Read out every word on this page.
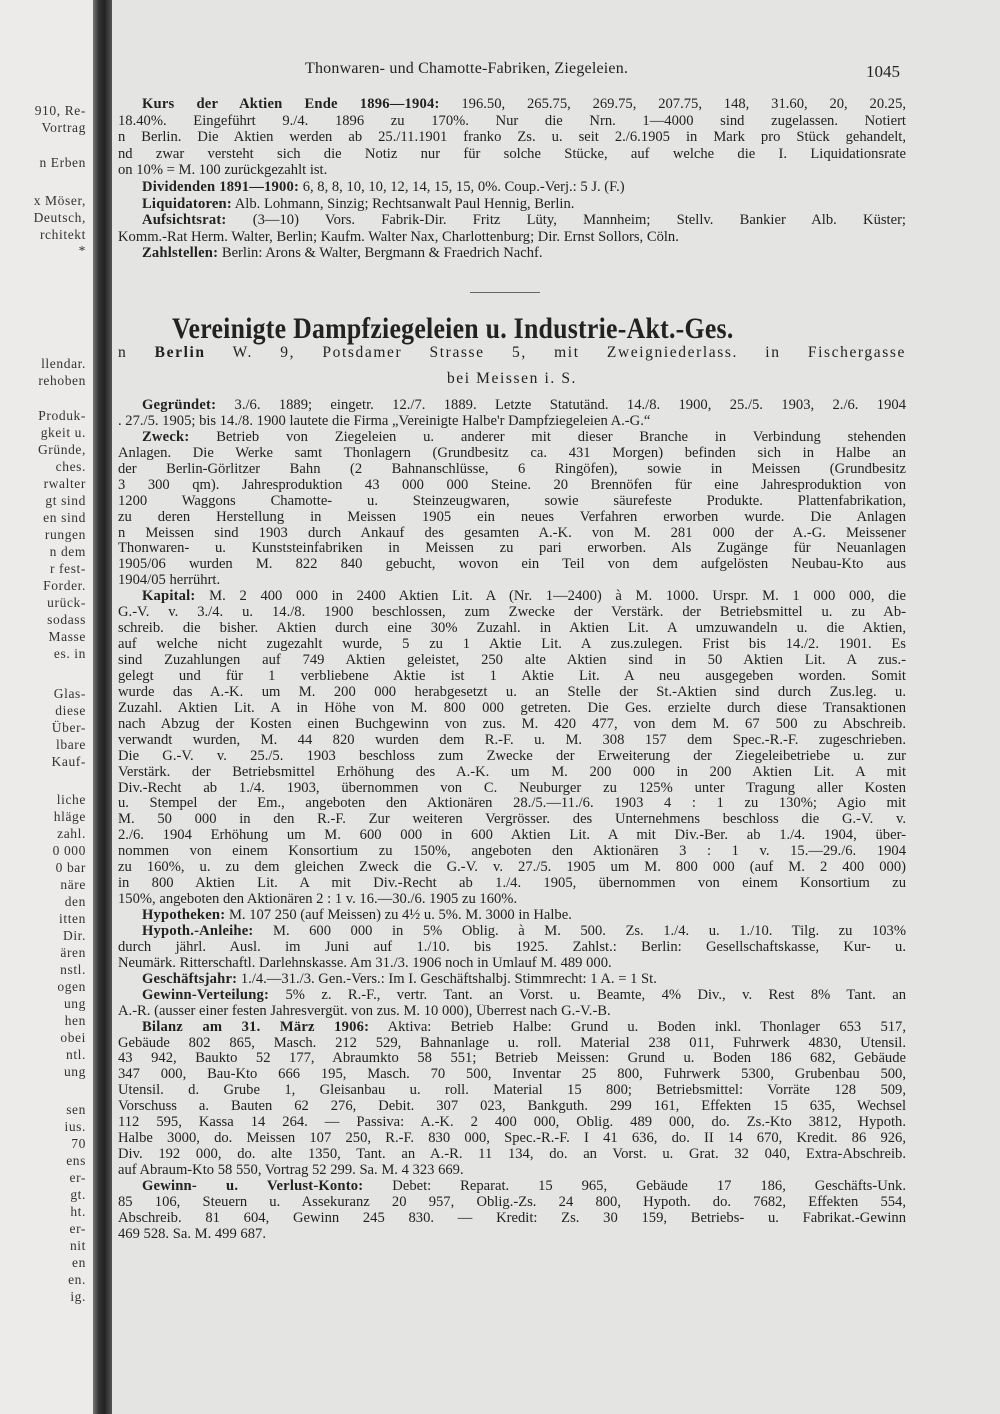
910, Re-
Vortrag
n Erben
x Möser,
Deutsch,
rchitekt
*
llendar.
rehoben
Produk-
gkeit u.
Gründe,
ches.
rwalter
gt sind
en sind
rungen
n dem
r fest-
Forder.
urück-
sodass
Masse
es. in
Glas-
diese
Über-
lbare
Kauf-
liche
hläge
zahl.
0 000
0 bar
näre
den
itten
Dir.
ären
nstl.
ogen
ung
hen
obei
ntl.
ung
sen
ius.
70
ens
er-
gt.
ht.
er-
nit
en
en.
ig.
Thonwaren- und Chamotte-Fabriken, Ziegeleien.	1045
Kurs der Aktien Ende 1896—1904: 196.50, 265.75, 269.75, 207.75, 148, 31.60, 20, 20.25,
18.40%. Eingeführt 9./4. 1896 zu 170%. Nur die Nrn. 1—4000 sind zugelassen. Notiert
n Berlin. Die Aktien werden ab 25./11.1901 franko Zs. u. seit 2./6.1905 in Mark pro Stück gehandelt,
nd zwar versteht sich die Notiz nur für solche Stücke, auf welche die I. Liquidationsrate
on 10% = M. 100 zurückgezahlt ist.
Dividenden 1891—1900: 6, 8, 8, 10, 10, 12, 14, 15, 15, 0%. Coup.-Verj.: 5 J. (F.)
Liquidatoren: Alb. Lohmann, Sinzig; Rechtsanwalt Paul Hennig, Berlin.
Aufsichtsrat: (3—10) Vors. Fabrik-Dir. Fritz Lüty, Mannheim; Stellv. Bankier Alb. Küster;
Komm.-Rat Herm. Walter, Berlin; Kaufm. Walter Nax, Charlottenburg; Dir. Ernst Sollors, Cöln.
Zahlstellen: Berlin: Arons & Walter, Bergmann & Fraedrich Nachf.
Vereinigte Dampfziegeleien u. Industrie-Akt.-Ges.
n Berlin W. 9, Potsdamer Strasse 5, mit Zweigniederlass. in Fischergasse
bei Meissen i. S.
Gegründet: 3./6. 1889; eingetr. 12./7. 1889. Letzte Statutänd. 14./8. 1900, 25./5. 1903, 2./6. 1904
. 27./5. 1905; bis 14./8. 1900 lautete die Firma „Vereinigte Halbe'r Dampfziegeleien A.-G.“
Zweck: Betrieb von Ziegeleien u. anderer mit dieser Branche in Verbindung stehenden
Anlagen. Die Werke samt Thonlagern (Grundbesitz ca. 431 Morgen) befinden sich in Halbe an
der Berlin-Görlitzer Bahn (2 Bahnanschlüsse, 6 Ringöfen), sowie in Meissen (Grundbesitz
3 300 qm). Jahresproduktion 43 000 000 Steine. 20 Brennöfen für eine Jahresproduktion von
1200 Waggons Chamotte- u. Steinzeugwaren, sowie säurefeste Produkte. Plattenfabrikation,
zu deren Herstellung in Meissen 1905 ein neues Verfahren erworben wurde. Die Anlagen
n Meissen sind 1903 durch Ankauf des gesamten A.-K. von M. 281 000 der A.-G. Meissener
Thonwaren- u. Kunststeinfabriken in Meissen zu pari erworben. Als Zugänge für Neuanlagen
1905/06 wurden M. 822 840 gebucht, wovon ein Teil von dem aufgelösten Neubau-Kto aus
1904/05 herrührt.
Kapital: M. 2 400 000 in 2400 Aktien Lit. A (Nr. 1—2400) à M. 1000. Urspr. M. 1 000 000, die
G.-V. v. 3./4. u. 14./8. 1900 beschlossen, zum Zwecke der Verstärk. der Betriebsmittel u. zu Ab-
schreib. die bisher. Aktien durch eine 30% Zuzahl. in Aktien Lit. A umzuwandeln u. die Aktien,
auf welche nicht zugezahlt wurde, 5 zu 1 Aktie Lit. A zus.zulegen. Frist bis 14./2. 1901. Es
sind Zuzahlungen auf 749 Aktien geleistet, 250 alte Aktien sind in 50 Aktien Lit. A zus.-
gelegt und für 1 verbliebene Aktie ist 1 Aktie Lit. A neu ausgegeben worden. Somit
wurde das A.-K. um M. 200 000 herabgesetzt u. an Stelle der St.-Aktien sind durch Zus.leg. u.
Zuzahl. Aktien Lit. A in Höhe von M. 800 000 getreten. Die Ges. erzielte durch diese Transaktionen
nach Abzug der Kosten einen Buchgewinn von zus. M. 420 477, von dem M. 67 500 zu Abschreib.
verwandt wurden, M. 44 820 wurden dem R.-F. u. M. 308 157 dem Spec.-R.-F. zugeschrieben.
Die G.-V. v. 25./5. 1903 beschloss zum Zwecke der Erweiterung der Ziegeleibetriebe u. zur
Verstärk. der Betriebsmittel Erhöhung des A.-K. um M. 200 000 in 200 Aktien Lit. A mit
Div.-Recht ab 1./4. 1903, übernommen von C. Neuburger zu 125% unter Tragung aller Kosten
u. Stempel der Em., angeboten den Aktionären 28./5.—11./6. 1903 4 : 1 zu 130%; Agio mit
M. 50 000 in den R.-F. Zur weiteren Vergrösser. des Unternehmens beschloss die G.-V. v.
2./6. 1904 Erhöhung um M. 600 000 in 600 Aktien Lit. A mit Div.-Ber. ab 1./4. 1904, über-
nommen von einem Konsortium zu 150%, angeboten den Aktionären 3 : 1 v. 15.—29./6. 1904
zu 160%, u. zu dem gleichen Zweck die G.-V. v. 27./5. 1905 um M. 800 000 (auf M. 2 400 000)
in 800 Aktien Lit. A mit Div.-Recht ab 1./4. 1905, übernommen von einem Konsortium zu
150%, angeboten den Aktionären 2 : 1 v. 16.—30./6. 1905 zu 160%.
Hypotheken: M. 107 250 (auf Meissen) zu 4½ u. 5%. M. 3000 in Halbe.
Hypoth.-Anleihe: M. 600 000 in 5% Oblig. à M. 500. Zs. 1./4. u. 1./10. Tilg. zu 103%
durch jährl. Ausl. im Juni auf 1./10. bis 1925. Zahlst.: Berlin: Gesellschaftskasse, Kur- u.
Neumärk. Ritterschaftl. Darlehnskasse. Am 31./3. 1906 noch in Umlauf M. 489 000.
Geschäftsjahr: 1./4.—31./3. Gen.-Vers.: Im I. Geschäftshalbj. Stimmrecht: 1 A. = 1 St.
Gewinn-Verteilung: 5% z. R.-F., vertr. Tant. an Vorst. u. Beamte, 4% Div., v. Rest 8% Tant. an
A.-R. (ausser einer festen Jahresvergüt. von zus. M. 10 000), Überrest nach G.-V.-B.
Bilanz am 31. März 1906: Aktiva: Betrieb Halbe: Grund u. Boden inkl. Thonlager 653 517,
Gebäude 802 865, Masch. 212 529, Bahnanlage u. roll. Material 238 011, Fuhrwerk 4830, Utensil.
43 942, Baukto 52 177, Abraumkto 58 551; Betrieb Meissen: Grund u. Boden 186 682, Gebäude
347 000, Bau-Kto 666 195, Masch. 70 500, Inventar 25 800, Fuhrwerk 5300, Grubenbau 500,
Utensil. d. Grube 1, Gleisanbau u. roll. Material 15 800; Betriebsmittel: Vorräte 128 509,
Vorschuss a. Bauten 62 276, Debit. 307 023, Bankguth. 299 161, Effekten 15 635, Wechsel
112 595, Kassa 14 264. — Passiva: A.-K. 2 400 000, Oblig. 489 000, do. Zs.-Kto 3812, Hypoth.
Halbe 3000, do. Meissen 107 250, R.-F. 830 000, Spec.-R.-F. I 41 636, do. II 14 670, Kredit. 86 926,
Div. 192 000, do. alte 1350, Tant. an A.-R. 11 134, do. an Vorst. u. Grat. 32 040, Extra-Abschreib.
auf Abraum-Kto 58 550, Vortrag 52 299. Sa. M. 4 323 669.
Gewinn- u. Verlust-Konto: Debet: Reparat. 15 965, Gebäude 17 186, Geschäfts-Unk.
85 106, Steuern u. Assekuranz 20 957, Oblig.-Zs. 24 800, Hypoth. do. 7682, Effekten 554,
Abschreib. 81 604, Gewinn 245 830. — Kredit: Zs. 30 159, Betriebs- u. Fabrikat.-Gewinn
469 528. Sa. M. 499 687.
